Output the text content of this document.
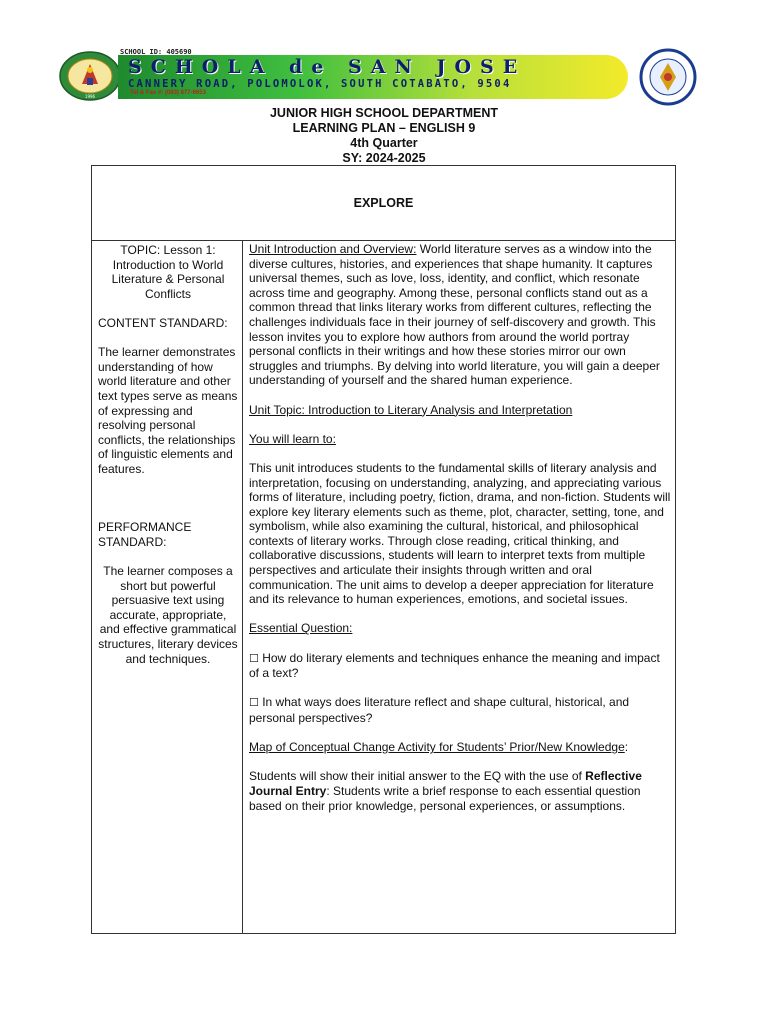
1996
SCHOOL ID: 405690
SCHOLA de SAN JOSE
CANNERY ROAD, POLOMOLOK, SOUTH COTABATO, 9504
Tel & Fax #: (083) 877-6653
JUNIOR HIGH SCHOOL DEPARTMENT
LEARNING PLAN – ENGLISH 9
4th Quarter
SY: 2024-2025
EXPLORE
TOPIC: Lesson 1: Introduction to World Literature & Personal Conflicts
CONTENT STANDARD:
The learner demonstrates understanding of how world literature and other text types serve as means of expressing and resolving personal conflicts, the relationships of linguistic elements and features.
PERFORMANCE STANDARD:
The learner composes a short but powerful persuasive text using accurate, appropriate, and effective grammatical structures, literary devices and techniques.

Unit Introduction and Overview: World literature serves as a window into the diverse cultures, histories, and experiences that shape humanity. It captures universal themes, such as love, loss, identity, and conflict, which resonate across time and geography. Among these, personal conflicts stand out as a common thread that links literary works from different cultures, reflecting the challenges individuals face in their journey of self-discovery and growth. This lesson invites you to explore how authors from around the world portray personal conflicts in their writings and how these stories mirror our own struggles and triumphs. By delving into world literature, you will gain a deeper understanding of yourself and the shared human experience.

Unit Topic: Introduction to Literary Analysis and Interpretation

You will learn to:

This unit introduces students to the fundamental skills of literary analysis and interpretation, focusing on understanding, analyzing, and appreciating various forms of literature, including poetry, fiction, drama, and non-fiction. Students will explore key literary elements such as theme, plot, character, setting, tone, and symbolism, while also examining the cultural, historical, and philosophical contexts of literary works. Through close reading, critical thinking, and collaborative discussions, students will learn to interpret texts from multiple perspectives and articulate their insights through written and oral communication. The unit aims to develop a deeper appreciation for literature and its relevance to human experiences, emotions, and societal issues.

Essential Question:

☐ How do literary elements and techniques enhance the meaning and impact of a text?

☐ In what ways does literature reflect and shape cultural, historical, and personal perspectives?

Map of Conceptual Change Activity for Students’ Prior/New Knowledge:

Students will show their initial answer to the EQ with the use of Reflective Journal Entry: Students write a brief response to each essential question based on their prior knowledge, personal experiences, or assumptions.
